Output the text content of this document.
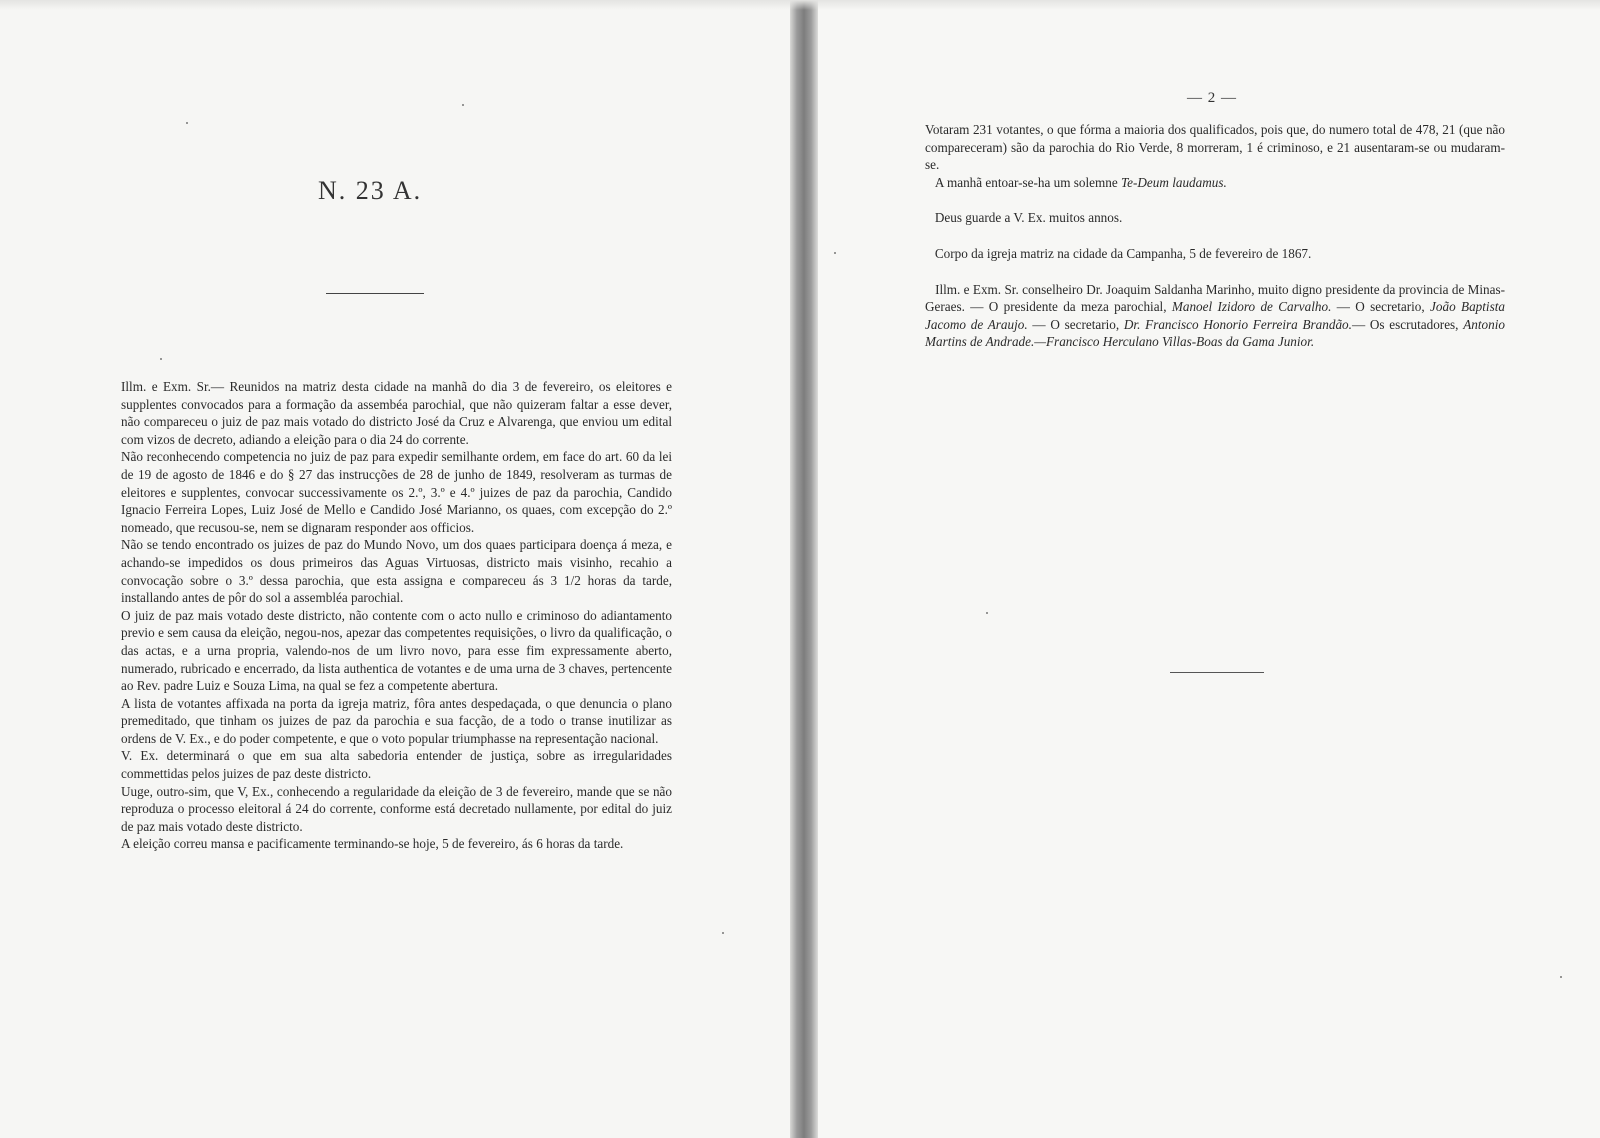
N. 23 A.

Illm. e Exm. Sr.— Reunidos na matriz desta cidade na manhã do dia 3 de fevereiro, os eleitores e supplentes convocados para a formação da assembéa parochial, que não quizeram faltar a esse dever, não compareceu o juiz de paz mais votado do districto José da Cruz e Alvarenga, que enviou um edital com vizos de decreto, adiando a eleição para o dia 24 do corrente.

Não reconhecendo competencia no juiz de paz para expedir semilhante ordem, em face do art. 60 da lei de 19 de agosto de 1846 e do § 27 das instrucções de 28 de junho de 1849, resolveram as turmas de eleitores e supplentes, convocar successivamente os 2.º, 3.º e 4.º juizes de paz da parochia, Candido Ignacio Ferreira Lopes, Luiz José de Mello e Candido José Marianno, os quaes, com excepção do 2.º nomeado, que recusou-se, nem se dignaram responder aos officios.

Não se tendo encontrado os juizes de paz do Mundo Novo, um dos quaes participara doença á meza, e achando-se impedidos os dous primeiros das Aguas Virtuosas, districto mais visinho, recahio a convocação sobre o 3.º dessa parochia, que esta assigna e compareceu ás 3 1/2 horas da tarde, installando antes de pôr do sol a assembléa parochial.

O juiz de paz mais votado deste districto, não contente com o acto nullo e criminoso do adiantamento previo e sem causa da eleição, negou-nos, apezar das competentes requisições, o livro da qualificação, o das actas, e a urna propria, valendo-nos de um livro novo, para esse fim expressamente aberto, numerado, rubricado e encerrado, da lista authentica de votantes e de uma urna de 3 chaves, pertencente ao Rev. padre Luiz e Souza Lima, na qual se fez a competente abertura.

A lista de votantes affixada na porta da igreja matriz, fôra antes despedaçada, o que denuncia o plano premeditado, que tinham os juizes de paz da parochia e sua facção, de a todo o transe inutilizar as ordens de V. Ex., e do poder competente, e que o voto popular triumphasse na representação nacional.

V. Ex. determinará o que em sua alta sabedoria entender de justiça, sobre as irregularidades commettidas pelos juizes de paz deste districto.

Uuge, outro-sim, que V, Ex., conhecendo a regularidade da eleição de 3 de fevereiro, mande que se não reproduza o processo eleitoral á 24 do corrente, conforme está decretado nullamente, por edital do juiz de paz mais votado deste districto.

A eleição correu mansa e pacificamente terminando-se hoje, 5 de fevereiro, ás 6 horas da tarde.

— 2 —

Votaram 231 votantes, o que fórma a maioria dos qualificados, pois que, do numero total de 478, 21 (que não compareceram) são da parochia do Rio Verde, 8 morreram, 1 é criminoso, e 21 ausentaram-se ou mudaram-se.

A manhã entoar-se-ha um solemne Te-Deum laudamus.

Deus guarde a V. Ex. muitos annos.

Corpo da igreja matriz na cidade da Campanha, 5 de fevereiro de 1867.

Illm. e Exm. Sr. conselheiro Dr. Joaquim Saldanha Marinho, muito digno presidente da provincia de Minas-Geraes. — O presidente da meza parochial, Manoel Izidoro de Carvalho. — O secretario, João Baptista Jacomo de Araujo. — O secretario, Dr. Francisco Honorio Ferreira Brandão.— Os escrutadores, Antonio Martins de Andrade.—Francisco Herculano Villas-Boas da Gama Junior.
